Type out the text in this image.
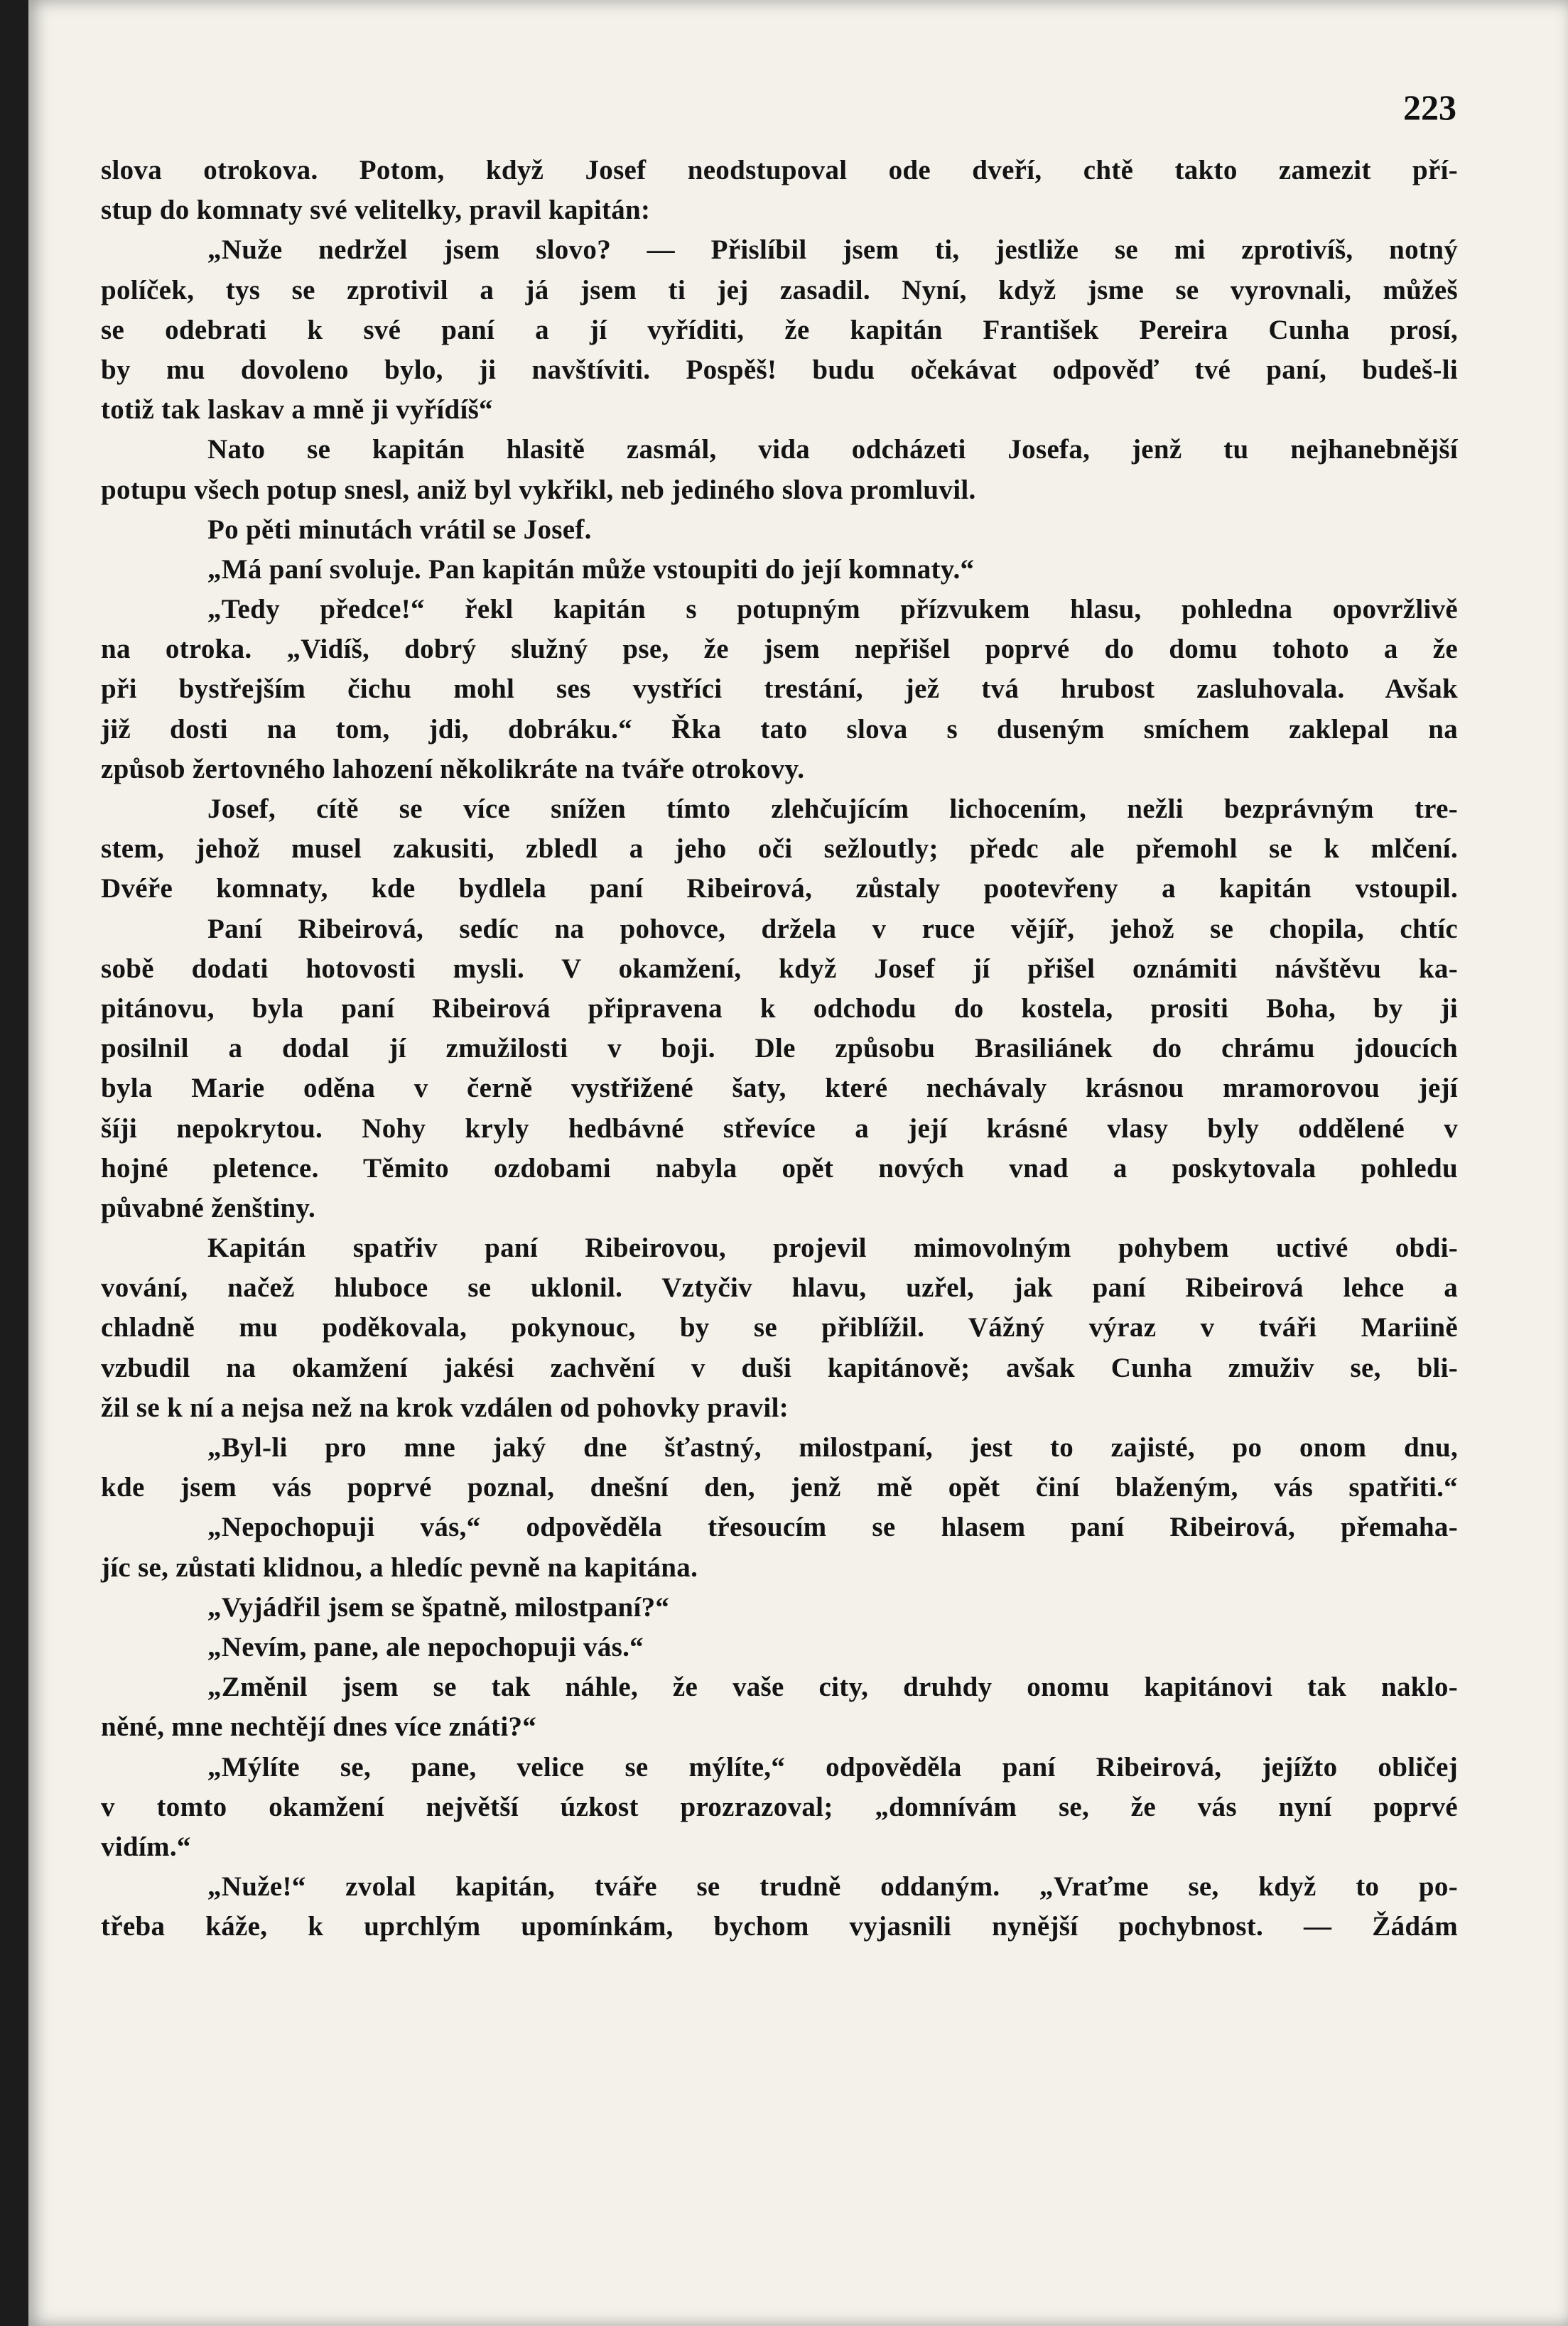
223
slova otrokova. Potom, když Josef neodstupoval ode dveří, chtě takto zamezit pří-
stup do komnaty své velitelky, pravil kapitán:
„Nuže nedržel jsem slovo? — Přislíbil jsem ti, jestliže se mi zprotivíš, notný
políček, tys se zprotivil a já jsem ti jej zasadil. Nyní, když jsme se vyrovnali, můžeš
se odebrati k své paní a jí vyříditi, že kapitán František Pereira Cunha prosí,
by mu dovoleno bylo, ji navštíviti. Pospěš! budu očekávat odpověď tvé paní, budeš-li
totiž tak laskav a mně ji vyřídíš“
Nato se kapitán hlasitě zasmál, vida odcházeti Josefa, jenž tu nejhanebnější
potupu všech potup snesl, aniž byl vykřikl, neb jediného slova promluvil.
Po pěti minutách vrátil se Josef.
„Má paní svoluje. Pan kapitán může vstoupiti do její komnaty.“
„Tedy předce!“ řekl kapitán s potupným přízvukem hlasu, pohledna opovržlivě
na otroka. „Vidíš, dobrý služný pse, že jsem nepřišel poprvé do domu tohoto a že
při bystřejším čichu mohl ses vystříci trestání, jež tvá hrubost zasluhovala. Avšak
již dosti na tom, jdi, dobráku.“ Řka tato slova s duseným smíchem zaklepal na
způsob žertovného lahození několikráte na tváře otrokovy.
Josef, cítě se více snížen tímto zlehčujícím lichocením, nežli bezprávným tre-
stem, jehož musel zakusiti, zbledl a jeho oči sežloutly; předc ale přemohl se k mlčení.
Dvéře komnaty, kde bydlela paní Ribeirová, zůstaly pootevřeny a kapitán vstoupil.
Paní Ribeirová, sedíc na pohovce, držela v ruce vějíř, jehož se chopila, chtíc
sobě dodati hotovosti mysli. V okamžení, když Josef jí přišel oznámiti návštěvu ka-
pitánovu, byla paní Ribeirová připravena k odchodu do kostela, prositi Boha, by ji
posilnil a dodal jí zmužilosti v boji. Dle způsobu Brasiliánek do chrámu jdoucích
byla Marie oděna v černě vystřižené šaty, které nechávaly krásnou mramorovou její
šíji nepokrytou. Nohy kryly hedbávné střevíce a její krásné vlasy byly oddělené v
hojné pletence. Těmito ozdobami nabyla opět nových vnad a poskytovala pohledu
půvabné ženštiny.
Kapitán spatřiv paní Ribeirovou, projevil mimovolným pohybem uctivé obdi-
vování, načež hluboce se uklonil. Vztyčiv hlavu, uzřel, jak paní Ribeirová lehce a
chladně mu poděkovala, pokynouc, by se přiblížil. Vážný výraz v tváři Mariině
vzbudil na okamžení jakési zachvění v duši kapitánově; avšak Cunha zmuživ se, bli-
žil se k ní a nejsa než na krok vzdálen od pohovky pravil:
„Byl-li pro mne jaký dne šťastný, milostpaní, jest to zajisté, po onom dnu,
kde jsem vás poprvé poznal, dnešní den, jenž mě opět činí blaženým, vás spatřiti.“
„Nepochopuji vás,“ odpověděla třesoucím se hlasem paní Ribeirová, přemaha-
jíc se, zůstati klidnou, a hledíc pevně na kapitána.
„Vyjádřil jsem se špatně, milostpaní?“
„Nevím, pane, ale nepochopuji vás.“
„Změnil jsem se tak náhle, že vaše city, druhdy onomu kapitánovi tak naklo-
něné, mne nechtějí dnes více znáti?“
„Mýlíte se, pane, velice se mýlíte,“ odpověděla paní Ribeirová, jejížto obličej
v tomto okamžení největší úzkost prozrazoval; „domnívám se, že vás nyní poprvé
vidím.“
„Nuže!“ zvolal kapitán, tváře se trudně oddaným. „Vraťme se, když to po-
třeba káže, k uprchlým upomínkám, bychom vyjasnili nynější pochybnost. — Žádám
